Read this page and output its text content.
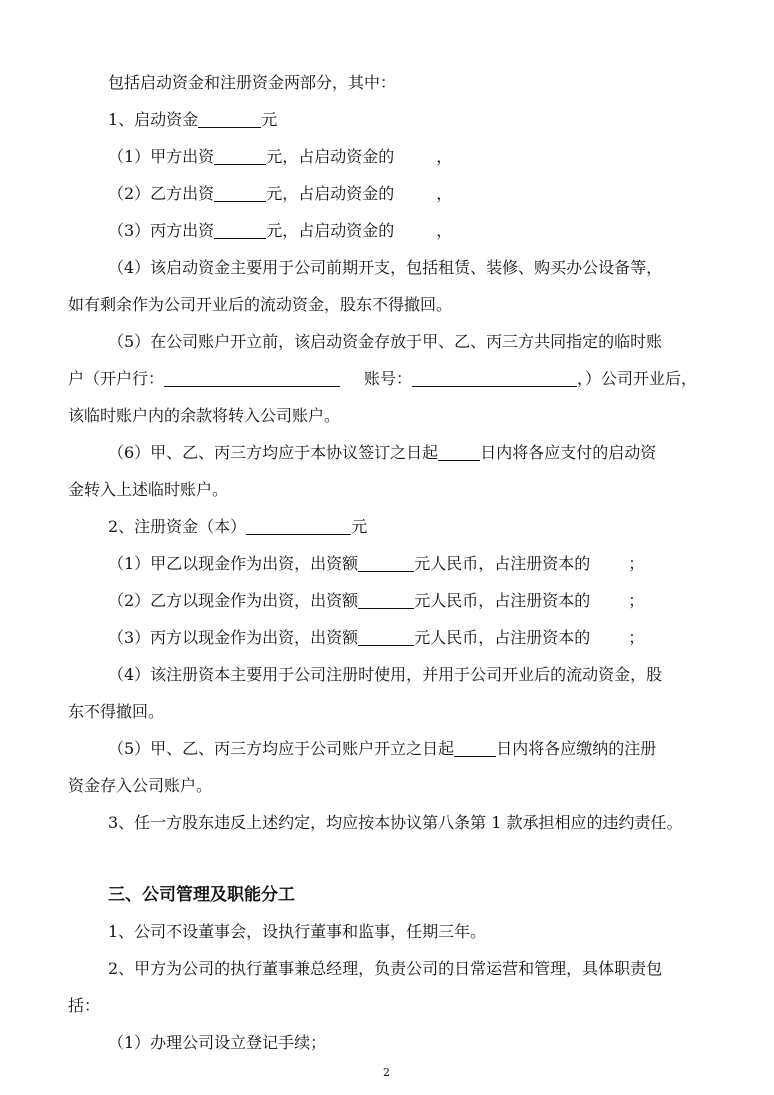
包括启动资金和注册资金两部分，其中：
1、启动资金	元
（1）甲方出资	元，占启动资金的	，
（2）乙方出资	元，占启动资金的	，
（3）丙方出资	元，占启动资金的	，
（4）该启动资金主要用于公司前期开支，包括租赁、装修、购买办公设备等，
如有剩余作为公司开业后的流动资金，股东不得撤回。
（5）在公司账户开立前，该启动资金存放于甲、乙、丙三方共同指定的临时账
户（开户行：	账号：	，）公司开业后，
该临时账户内的余款将转入公司账户。
（6）甲、乙、丙三方均应于本协议签订之日起	日内将各应支付的启动资
金转入上述临时账户。
2、注册资金（本）	元
（1）甲乙以现金作为出资，出资额	元人民币，占注册资本的 ；
（2）乙方以现金作为出资，出资额	元人民币，占注册资本的 ；
（3）丙方以现金作为出资，出资额	元人民币，占注册资本的 ；
（4）该注册资本主要用于公司注册时使用，并用于公司开业后的流动资金，股
东不得撤回。
（5）甲、乙、丙三方均应于公司账户开立之日起	日内将各应缴纳的注册
资金存入公司账户。
3、任一方股东违反上述约定，均应按本协议第八条第 1 款承担相应的违约责任。
三、公司管理及职能分工
1、公司不设董事会，设执行董事和监事，任期三年。
2、甲方为公司的执行董事兼总经理，负责公司的日常运营和管理，具体职责包
括：
（1）办理公司设立登记手续；
2
